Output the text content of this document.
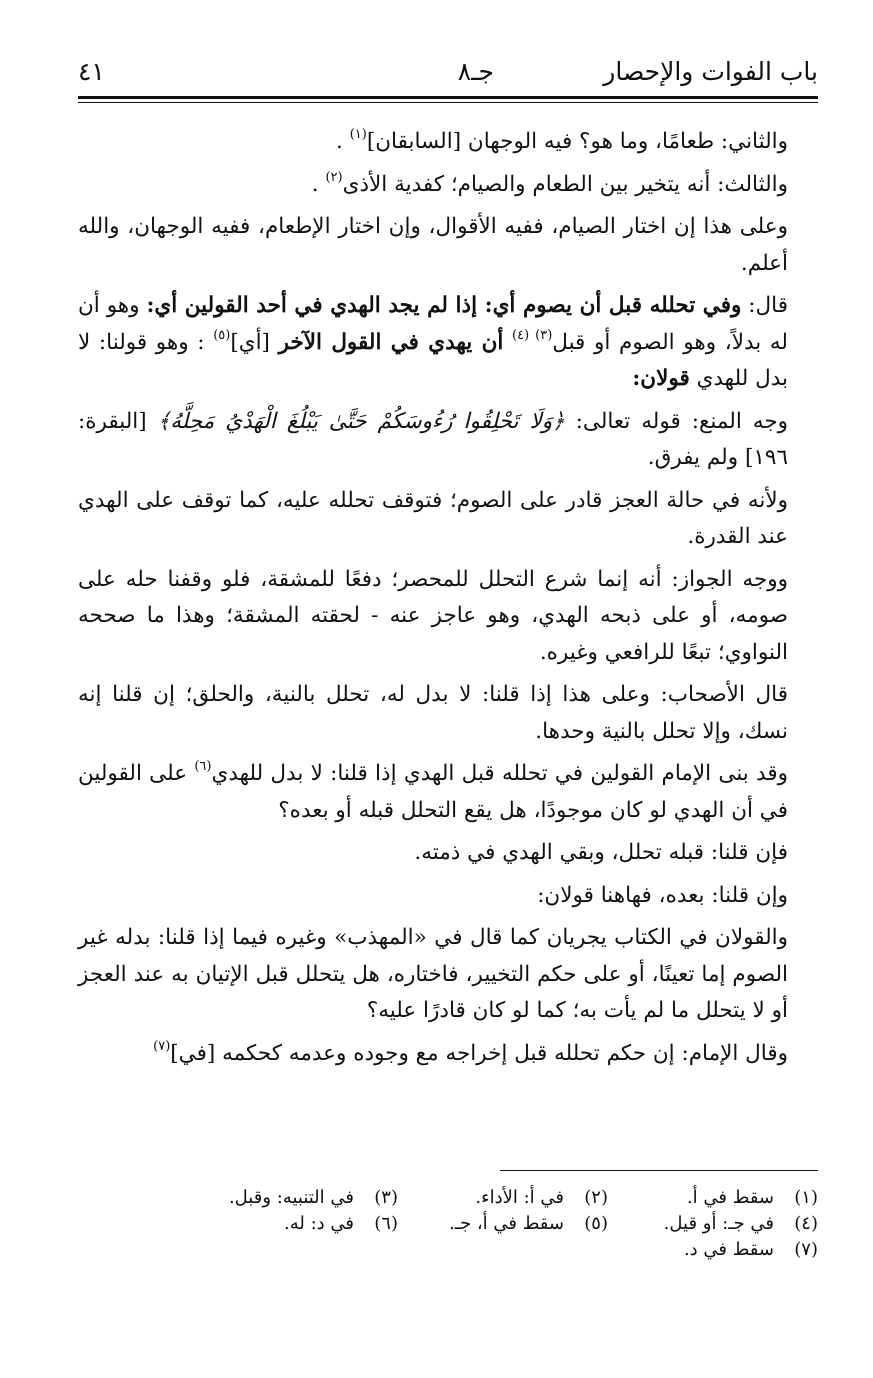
باب الفوات والإحصار
جـ٨
٤١

والثاني: طعامًا، وما هو؟ فيه الوجهان [السابقان]$^{(١)}$ .

والثالث: أنه يتخير بين الطعام والصيام؛ كفدية الأذى$^{(٢)}$ .

وعلى هذا إن اختار الصيام، ففيه الأقوال، وإن اختار الإطعام، ففيه الوجهان، والله أعلم.

قال: وفي تحلله قبل أن يصوم أي: إذا لم يجد الهدي في أحد القولين أي: وهو أن له بدلاً، وهو الصوم أو قبل$^{(٣) (٤)}$ أن يهدي في القول الآخر [أي]$^{(٥)}$ : وهو قولنا: لا بدل للهدي قولان:

وجه المنع: قوله تعالى: ﴿وَلَا تَحْلِقُوا رُءُوسَكُمْ حَتَّىٰ يَبْلُغَ الْهَدْيُ مَحِلَّهُ﴾ [البقرة: ١٩٦] ولم يفرق.

ولأنه في حالة العجز قادر على الصوم؛ فتوقف تحلله عليه، كما توقف على الهدي عند القدرة.

ووجه الجواز: أنه إنما شرع التحلل للمحصر؛ دفعًا للمشقة، فلو وقفنا حله على صومه، أو على ذبحه الهدي، وهو عاجز عنه - لحقته المشقة؛ وهذا ما صححه النواوي؛ تبعًا للرافعي وغيره.

قال الأصحاب: وعلى هذا إذا قلنا: لا بدل له، تحلل بالنية، والحلق؛ إن قلنا إنه نسك، وإلا تحلل بالنية وحدها.

وقد بنى الإمام القولين في تحلله قبل الهدي إذا قلنا: لا بدل للهدي$^{(٦)}$ على القولين في أن الهدي لو كان موجودًا، هل يقع التحلل قبله أو بعده؟

فإن قلنا: قبله تحلل، وبقي الهدي في ذمته.

وإن قلنا: بعده، فهاهنا قولان:

والقولان في الكتاب يجريان كما قال في «المهذب» وغيره فيما إذا قلنا: بدله غير الصوم إما تعينًا، أو على حكم التخيير، فاختاره، هل يتحلل قبل الإتيان به عند العجز أو لا يتحلل ما لم يأت به؛ كما لو كان قادرًا عليه؟

وقال الإمام: إن حكم تحلله قبل إخراجه مع وجوده وعدمه كحكمه [في]$^{(٧)}$

(١)سقط في أ.
(٢)في أ: الأداء.
(٣)في التنبيه: وقبل.
(٤)في جـ: أو قيل.
(٥)سقط في أ، جـ.
(٦)في د: له.
(٧)سقط في د.
